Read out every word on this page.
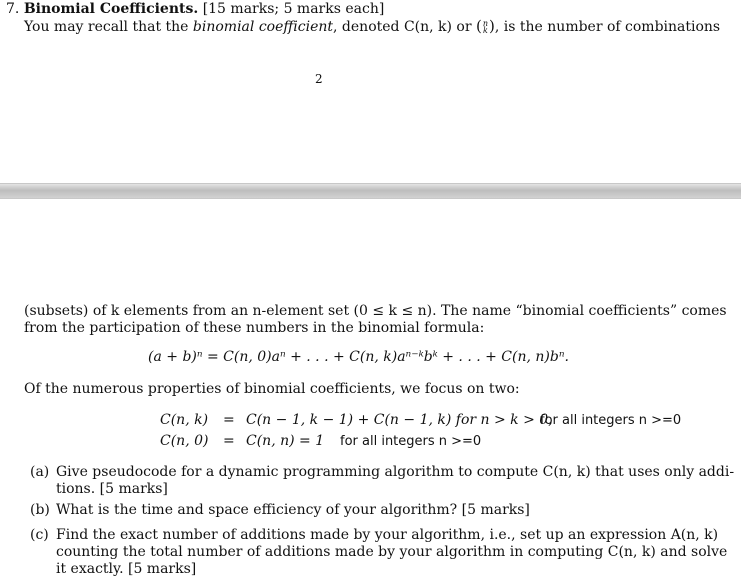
7. Binomial Coefficients. [15 marks; 5 marks each]
You may recall that the binomial coefficient, denoted C(n, k) or (n
k), is the number of combinations
2
(subsets) of k elements from an n-element set (0 ≤ k ≤ n). The name “binomial coefficients” comes
from the participation of these numbers in the binomial formula:
(a + b)ⁿ = C(n, 0)aⁿ + . . . + C(n, k)aⁿ⁻ᵏbᵏ + . . . + C(n, n)bⁿ.
Of the numerous properties of binomial coefficients, we focus on two:
C(n, k) = C(n − 1, k − 1) + C(n − 1, k) for n > k > 0,
for all integers n >=0
C(n, 0) = C(n, n) = 1 for all integers n >=0
(a) Give pseudocode for a dynamic programming algorithm to compute C(n, k) that uses only addi-
tions. [5 marks]
(b) What is the time and space efficiency of your algorithm? [5 marks]
(c) Find the exact number of additions made by your algorithm, i.e., set up an expression A(n, k)
counting the total number of additions made by your algorithm in computing C(n, k) and solve
it exactly. [5 marks]
